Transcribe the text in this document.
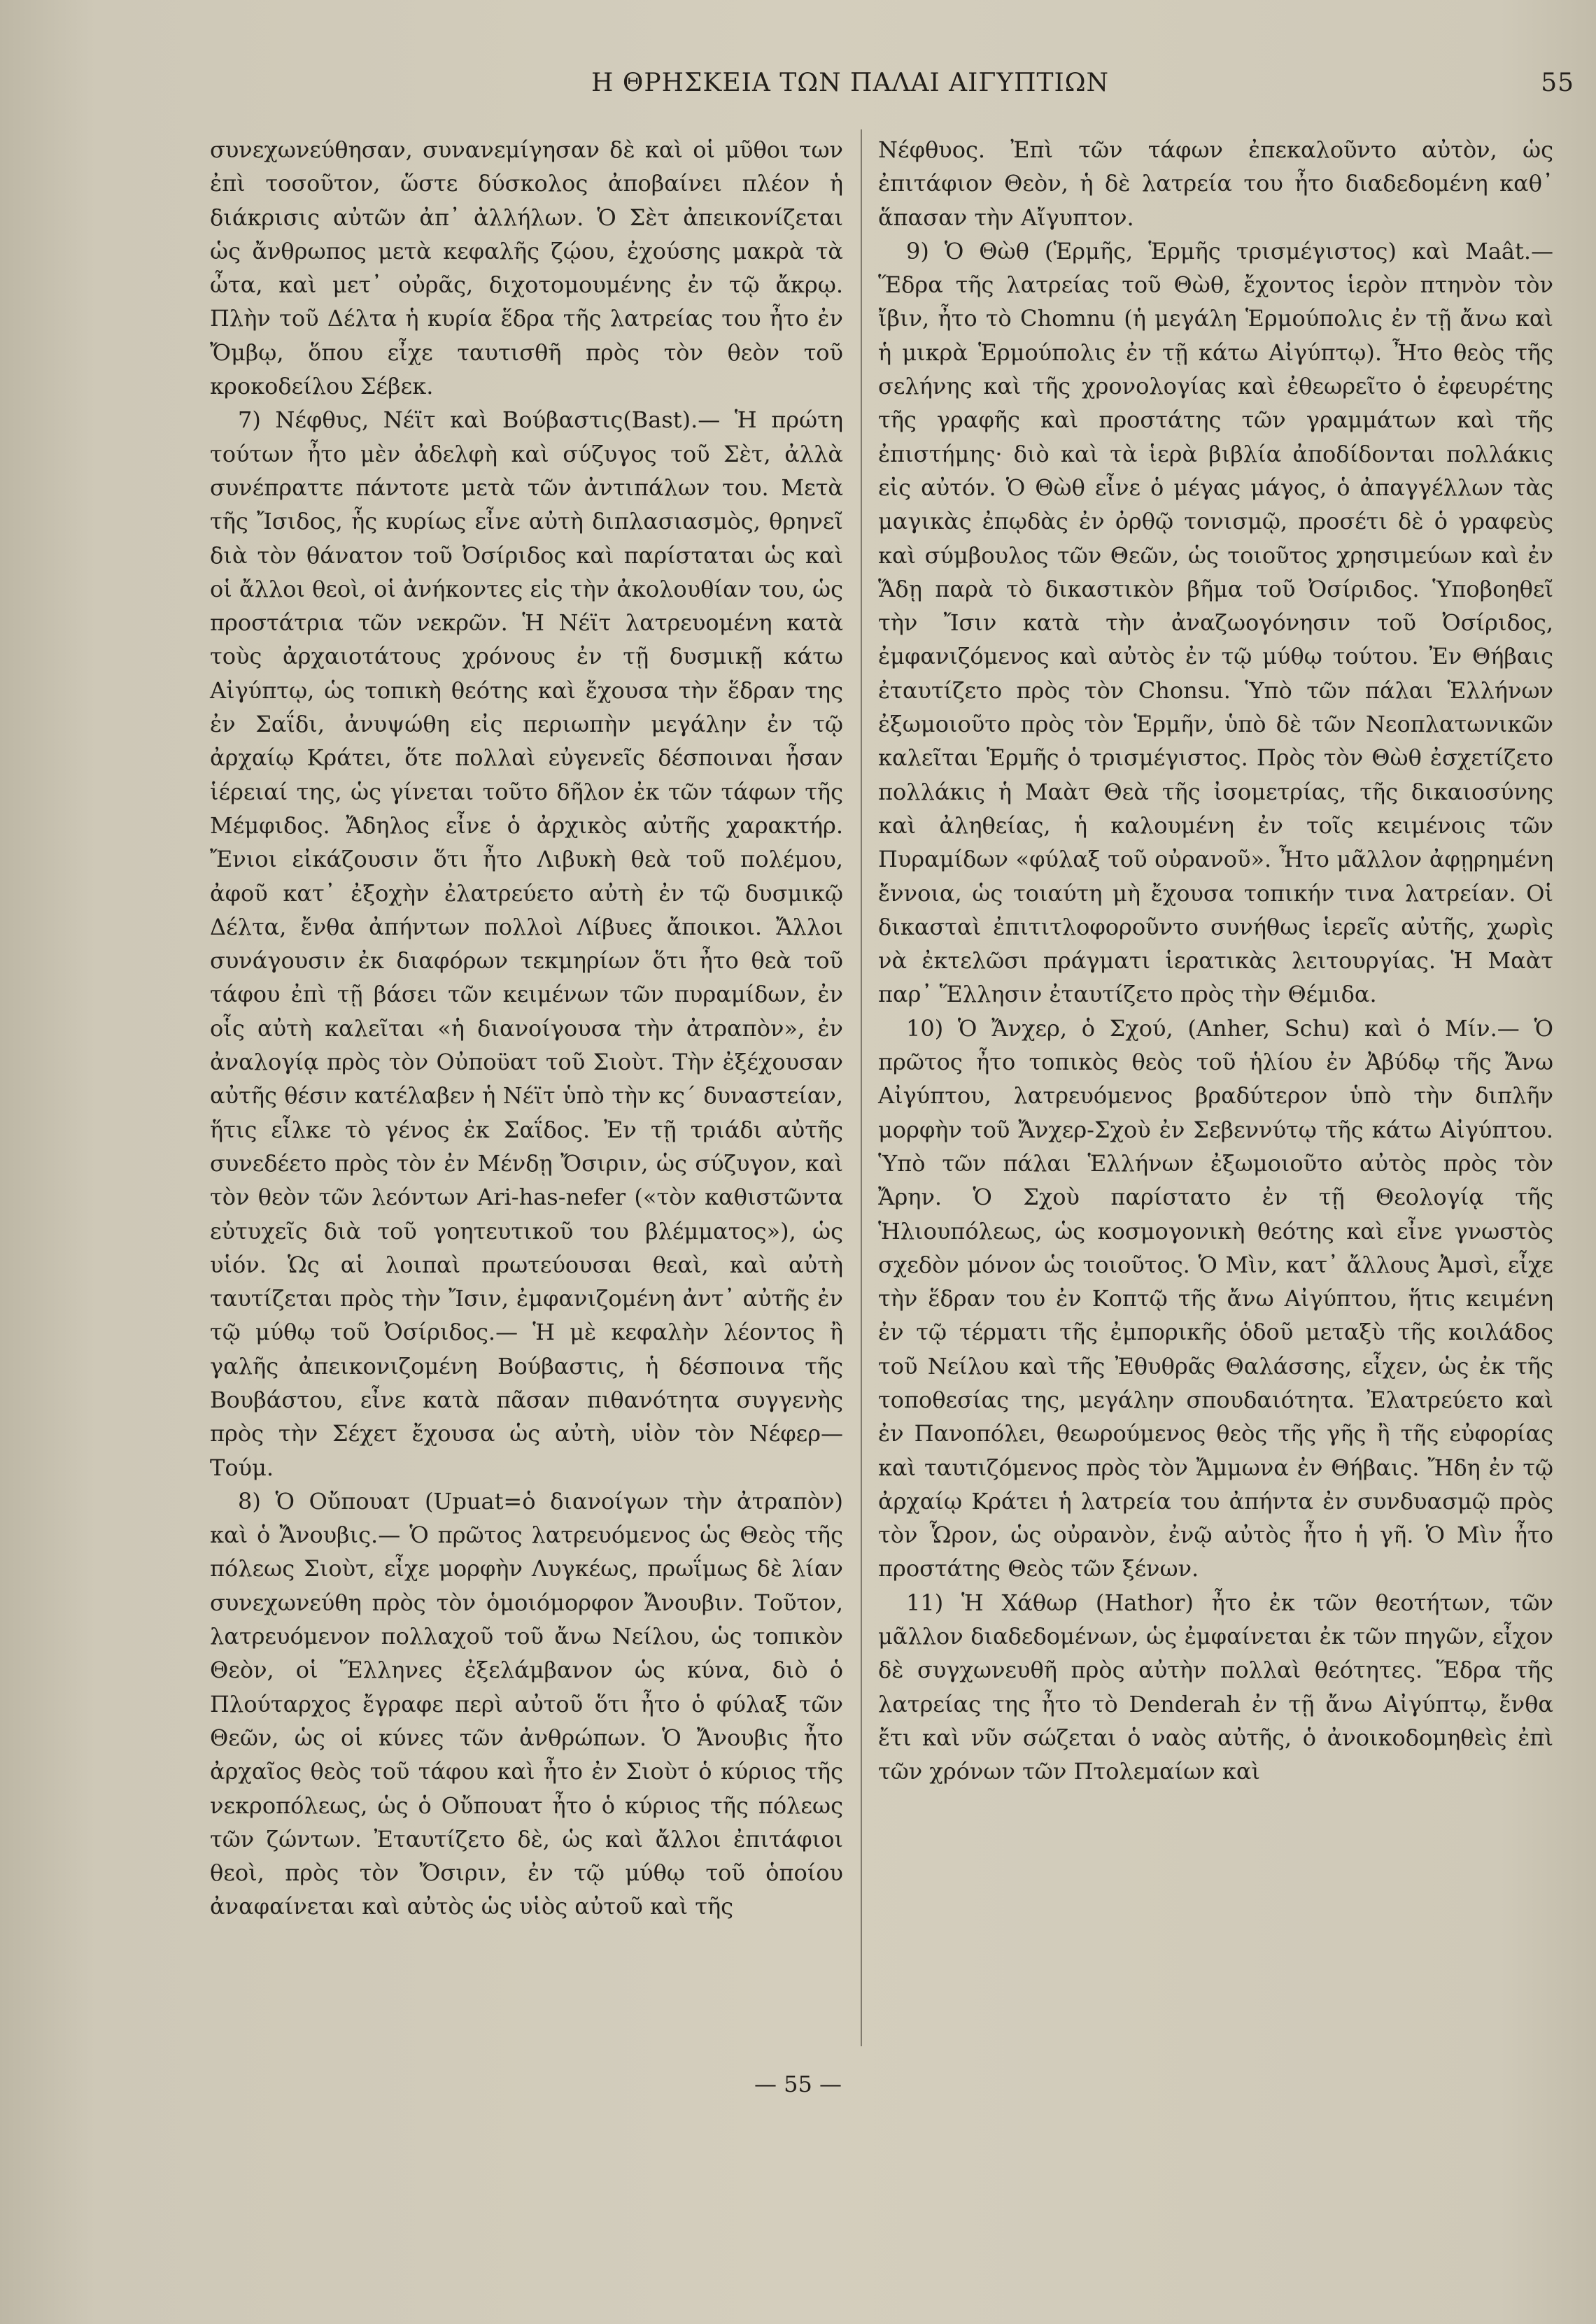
Η ΘΡΗΣΚΕΙΑ ΤΩΝ ΠΑΛΑΙ ΑΙΓΥΠΤΙΩΝ	55

συνεχωνεύθησαν, συνανεμίγησαν δὲ καὶ οἱ μῦθοι των ἐπὶ τοσοῦτον, ὥστε δύσκολος ἀποβαίνει πλέον ἡ διάκρισις αὐτῶν ἀπ᾽ ἀλλήλων. Ὁ Σὲτ ἀπεικονίζεται ὡς ἄνθρωπος μετὰ κεφαλῆς ζῴου, ἐχούσης μακρὰ τὰ ὦτα, καὶ μετ᾽ οὐρᾶς, διχοτομουμένης ἐν τῷ ἄκρῳ. Πλὴν τοῦ Δέλτα ἡ κυρία ἕδρα τῆς λατρείας του ἦτο ἐν Ὄμβῳ, ὅπου εἶχε ταυτισθῆ πρὸς τὸν θεὸν τοῦ κροκοδείλου Σέβεκ.

7) Νέφθυς, Νέϊτ καὶ Βούβαστις(Bast).— Ἡ πρώτη τούτων ἦτο μὲν ἀδελφὴ καὶ σύζυγος τοῦ Σὲτ, ἀλλὰ συνέπραττε πάντοτε μετὰ τῶν ἀντιπάλων του. Μετὰ τῆς Ἴσιδος, ἧς κυρίως εἶνε αὐτὴ διπλασιασμὸς, θρηνεῖ διὰ τὸν θάνατον τοῦ Ὀσίριδος καὶ παρίσταται ὡς καὶ οἱ ἄλλοι θεοὶ, οἱ ἀνήκοντες εἰς τὴν ἀκολουθίαν του, ὡς προστάτρια τῶν νεκρῶν. Ἡ Νέϊτ λατρευομένη κατὰ τοὺς ἀρχαιοτάτους χρόνους ἐν τῇ δυσμικῇ κάτω Αἰγύπτῳ, ὡς τοπικὴ θεότης καὶ ἔχουσα τὴν ἕδραν της ἐν Σαΐδι, ἀνυψώθη εἰς περιωπὴν μεγάλην ἐν τῷ ἀρχαίῳ Κράτει, ὅτε πολλαὶ εὐγενεῖς δέσποιναι ἦσαν ἱέρειαί της, ὡς γίνεται τοῦτο δῆλον ἐκ τῶν τάφων τῆς Μέμφιδος. Ἄδηλος εἶνε ὁ ἀρχικὸς αὐτῆς χαρακτήρ. Ἔνιοι εἰκάζουσιν ὅτι ἦτο Λιβυκὴ θεὰ τοῦ πολέμου, ἀφοῦ κατ᾽ ἐξοχὴν ἐλατρεύετο αὐτὴ ἐν τῷ δυσμικῷ Δέλτα, ἔνθα ἀπήντων πολλοὶ Λίβυες ἄποικοι. Ἄλλοι συνάγουσιν ἐκ διαφόρων τεκμηρίων ὅτι ἦτο θεὰ τοῦ τάφου ἐπὶ τῇ βάσει τῶν κειμένων τῶν πυραμίδων, ἐν οἷς αὐτὴ καλεῖται «ἡ διανοίγουσα τὴν ἀτραπὸν», ἐν ἀναλογίᾳ πρὸς τὸν Οὐποϋατ τοῦ Σιοὺτ. Τὴν ἐξέχουσαν αὐτῆς θέσιν κατέλαβεν ἡ Νέϊτ ὑπὸ τὴν κς´ δυναστείαν, ἥτις εἷλκε τὸ γένος ἐκ Σαΐδος. Ἐν τῇ τριάδι αὐτῆς συνεδέετο πρὸς τὸν ἐν Μένδῃ Ὄσιριν, ὡς σύζυγον, καὶ τὸν θεὸν τῶν λεόντων Ari-has-nefer («τὸν καθιστῶντα εὐτυχεῖς διὰ τοῦ γοητευτικοῦ του βλέμματος»), ὡς υἱόν. Ὡς αἱ λοιπαὶ πρωτεύουσαι θεαὶ, καὶ αὐτὴ ταυτίζεται πρὸς τὴν Ἴσιν, ἐμφανιζομένη ἀντ᾽ αὐτῆς ἐν τῷ μύθῳ τοῦ Ὀσίριδος.— Ἡ μὲ κεφαλὴν λέοντος ἢ γαλῆς ἀπεικονιζομένη Βούβαστις, ἡ δέσποινα τῆς Βουβάστου, εἶνε κατὰ πᾶσαν πιθανότητα συγγενὴς πρὸς τὴν Σέχετ ἔχουσα ὡς αὐτὴ, υἱὸν τὸν Νέφερ—Τούμ.

8) Ὁ Οὔπουατ (Upuat=ὁ διανοίγων τὴν ἀτραπὸν) καὶ ὁ Ἄνουβις.— Ὁ πρῶτος λατρευόμενος ὡς Θεὸς τῆς πόλεως Σιοὺτ, εἶχε μορφὴν Λυγκέως, πρωΐμως δὲ λίαν συνεχωνεύθη πρὸς τὸν ὁμοιόμορφον Ἄνουβιν. Τοῦτον, λατρευόμενον πολλαχοῦ τοῦ ἄνω Νείλου, ὡς τοπικὸν Θεὸν, οἱ Ἕλληνες ἐξελάμβανον ὡς κύνα, διὸ ὁ Πλούταρχος ἔγραφε περὶ αὐτοῦ ὅτι ἦτο ὁ φύλαξ τῶν Θεῶν, ὡς οἱ κύνες τῶν ἀνθρώπων. Ὁ Ἄνουβις ἦτο ἀρχαῖος θεὸς τοῦ τάφου καὶ ἦτο ἐν Σιοὺτ ὁ κύριος τῆς νεκροπόλεως, ὡς ὁ Οὔπουατ ἦτο ὁ κύριος τῆς πόλεως τῶν ζώντων. Ἐταυτίζετο δὲ, ὡς καὶ ἄλλοι ἐπιτάφιοι θεοὶ, πρὸς τὸν Ὄσιριν, ἐν τῷ μύθῳ τοῦ ὁποίου ἀναφαίνεται καὶ αὐτὸς ὡς υἱὸς αὐτοῦ καὶ τῆς

Νέφθυος. Ἐπὶ τῶν τάφων ἐπεκαλοῦντο αὐτὸν, ὡς ἐπιτάφιον Θεὸν, ἡ δὲ λατρεία του ἦτο διαδεδομένη καθ᾽ ἅπασαν τὴν Αἴγυπτον.

9) Ὁ Θὼθ (Ἑρμῆς, Ἑρμῆς τρισμέγιστος) καὶ Maât.— Ἕδρα τῆς λατρείας τοῦ Θὼθ, ἔχοντος ἱερὸν πτηνὸν τὸν ἴβιν, ἦτο τὸ Chomnu (ἡ μεγάλη Ἑρμούπολις ἐν τῇ ἄνω καὶ ἡ μικρὰ Ἑρμούπολις ἐν τῇ κάτω Αἰγύπτῳ). Ἦτο θεὸς τῆς σελήνης καὶ τῆς χρονολογίας καὶ ἐθεωρεῖτο ὁ ἐφευρέτης τῆς γραφῆς καὶ προστάτης τῶν γραμμάτων καὶ τῆς ἐπιστήμης· διὸ καὶ τὰ ἱερὰ βιβλία ἀποδίδονται πολλάκις εἰς αὐτόν. Ὁ Θὼθ εἶνε ὁ μέγας μάγος, ὁ ἀπαγγέλλων τὰς μαγικὰς ἐπῳδὰς ἐν ὀρθῷ τονισμῷ, προσέτι δὲ ὁ γραφεὺς καὶ σύμβουλος τῶν Θεῶν, ὡς τοιοῦτος χρησιμεύων καὶ ἐν Ἅδῃ παρὰ τὸ δικαστικὸν βῆμα τοῦ Ὀσίριδος. Ὑποβοηθεῖ τὴν Ἴσιν κατὰ τὴν ἀναζωογόνησιν τοῦ Ὀσίριδος, ἐμφανιζόμενος καὶ αὐτὸς ἐν τῷ μύθῳ τούτου. Ἐν Θήβαις ἐταυτίζετο πρὸς τὸν Chonsu. Ὑπὸ τῶν πάλαι Ἑλλήνων ἐξωμοιοῦτο πρὸς τὸν Ἑρμῆν, ὑπὸ δὲ τῶν Νεοπλατωνικῶν καλεῖται Ἑρμῆς ὁ τρισμέγιστος. Πρὸς τὸν Θὼθ ἐσχετίζετο πολλάκις ἡ Μαὰτ Θεὰ τῆς ἰσομετρίας, τῆς δικαιοσύνης καὶ ἀληθείας, ἡ καλουμένη ἐν τοῖς κειμένοις τῶν Πυραμίδων «φύλαξ τοῦ οὐρανοῦ». Ἦτο μᾶλλον ἀφῃρημένη ἔννοια, ὡς τοιαύτη μὴ ἔχουσα τοπικήν τινα λατρείαν. Οἱ δικασταὶ ἐπιτιτλοφοροῦντο συνήθως ἱερεῖς αὐτῆς, χωρὶς νὰ ἐκτελῶσι πράγματι ἱερατικὰς λειτουργίας. Ἡ Μαὰτ παρ᾽ Ἕλλησιν ἐταυτίζετο πρὸς τὴν Θέμιδα.

10) Ὁ Ἄνχερ, ὁ Σχού, (Anher, Schu) καὶ ὁ Μίν.— Ὁ πρῶτος ἦτο τοπικὸς θεὸς τοῦ ἡλίου ἐν Ἀβύδῳ τῆς Ἄνω Αἰγύπτου, λατρευόμενος βραδύτερον ὑπὸ τὴν διπλῆν μορφὴν τοῦ Ἄνχερ-Σχοὺ ἐν Σεβεννύτῳ τῆς κάτω Αἰγύπτου. Ὑπὸ τῶν πάλαι Ἑλλήνων ἐξωμοιοῦτο αὐτὸς πρὸς τὸν Ἄρην. Ὁ Σχοὺ παρίστατο ἐν τῇ Θεολογίᾳ τῆς Ἡλιουπόλεως, ὡς κοσμογονικὴ θεότης καὶ εἶνε γνωστὸς σχεδὸν μόνον ὡς τοιοῦτος. Ὁ Μὶν, κατ᾽ ἄλλους Ἀμσὶ, εἶχε τὴν ἕδραν του ἐν Κοπτῷ τῆς ἄνω Αἰγύπτου, ἥτις κειμένη ἐν τῷ τέρματι τῆς ἐμπορικῆς ὁδοῦ μεταξὺ τῆς κοιλάδος τοῦ Νείλου καὶ τῆς Ἐθυθρᾶς Θαλάσσης, εἶχεν, ὡς ἐκ τῆς τοποθεσίας της, μεγάλην σπουδαιότητα. Ἐλατρεύετο καὶ ἐν Πανοπόλει, θεωρούμενος θεὸς τῆς γῆς ἢ τῆς εὐφορίας καὶ ταυτιζόμενος πρὸς τὸν Ἄμμωνα ἐν Θήβαις. Ἤδη ἐν τῷ ἀρχαίῳ Κράτει ἡ λατρεία του ἀπήντα ἐν συνδυασμῷ πρὸς τὸν Ὧρον, ὡς οὐρανὸν, ἐνῷ αὐτὸς ἦτο ἡ γῆ. Ὁ Μὶν ἦτο προστάτης Θεὸς τῶν ξένων.

11) Ἡ Χάθωρ (Hathor) ἦτο ἐκ τῶν θεοτήτων, τῶν μᾶλλον διαδεδομένων, ὡς ἐμφαίνεται ἐκ τῶν πηγῶν, εἶχον δὲ συγχωνευθῆ πρὸς αὐτὴν πολλαὶ θεότητες. Ἕδρα τῆς λατρείας της ἦτο τὸ Denderah ἐν τῇ ἄνω Αἰγύπτῳ, ἔνθα ἔτι καὶ νῦν σώζεται ὁ ναὸς αὐτῆς, ὁ ἀνοικοδομηθεὶς ἐπὶ τῶν χρόνων τῶν Πτολεμαίων καὶ

— 55 —
